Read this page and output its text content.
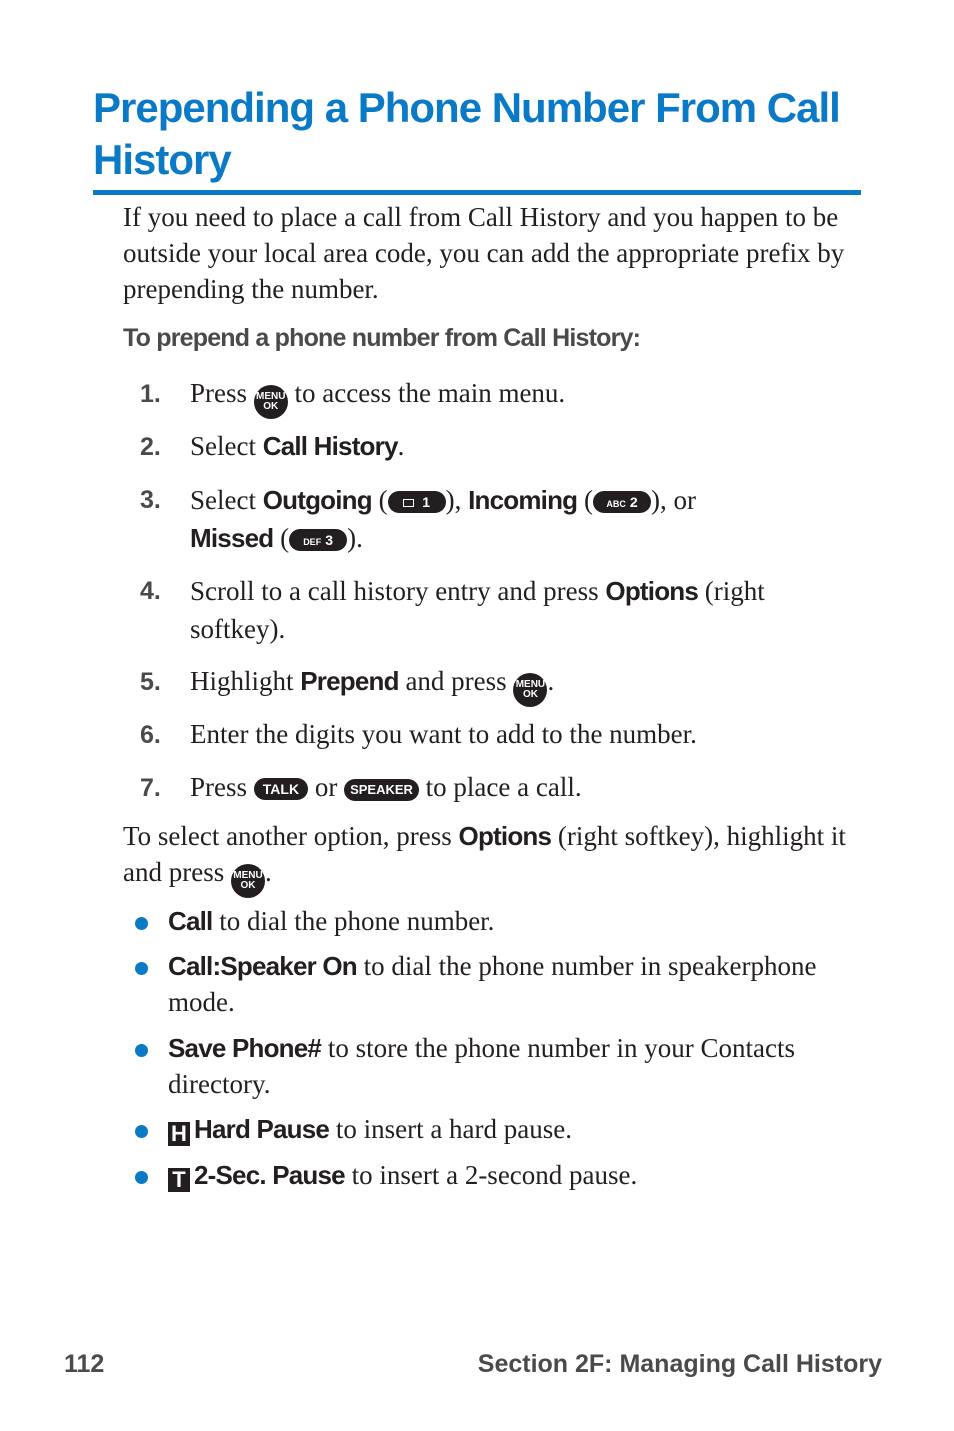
Prepending a Phone Number From Call History

If you need to place a call from Call History and you happen to be outside your local area code, you can add the appropriate prefix by prepending the number.

To prepend a phone number from Call History:

1. Press MENU
OK to access the main menu.
2. Select Call History.
3. Select Outgoing ( 1 ), Incoming ( ABC 2 ), or
Missed ( DEF 3 ).
4. Scroll to a call history entry and press Options (right softkey).
5. Highlight Prepend and press MENU
OK .
6. Enter the digits you want to add to the number.
7. Press TALK or SPEAKER to place a call.

To select another option, press Options (right softkey), highlight it and press MENU
OK .

Call to dial the phone number.
Call:Speaker On to dial the phone number in speakerphone mode.
Save Phone# to store the phone number in your Contacts directory.
H Hard Pause to insert a hard pause.
T 2-Sec. Pause to insert a 2-second pause.
112	Section 2F: Managing Call History
